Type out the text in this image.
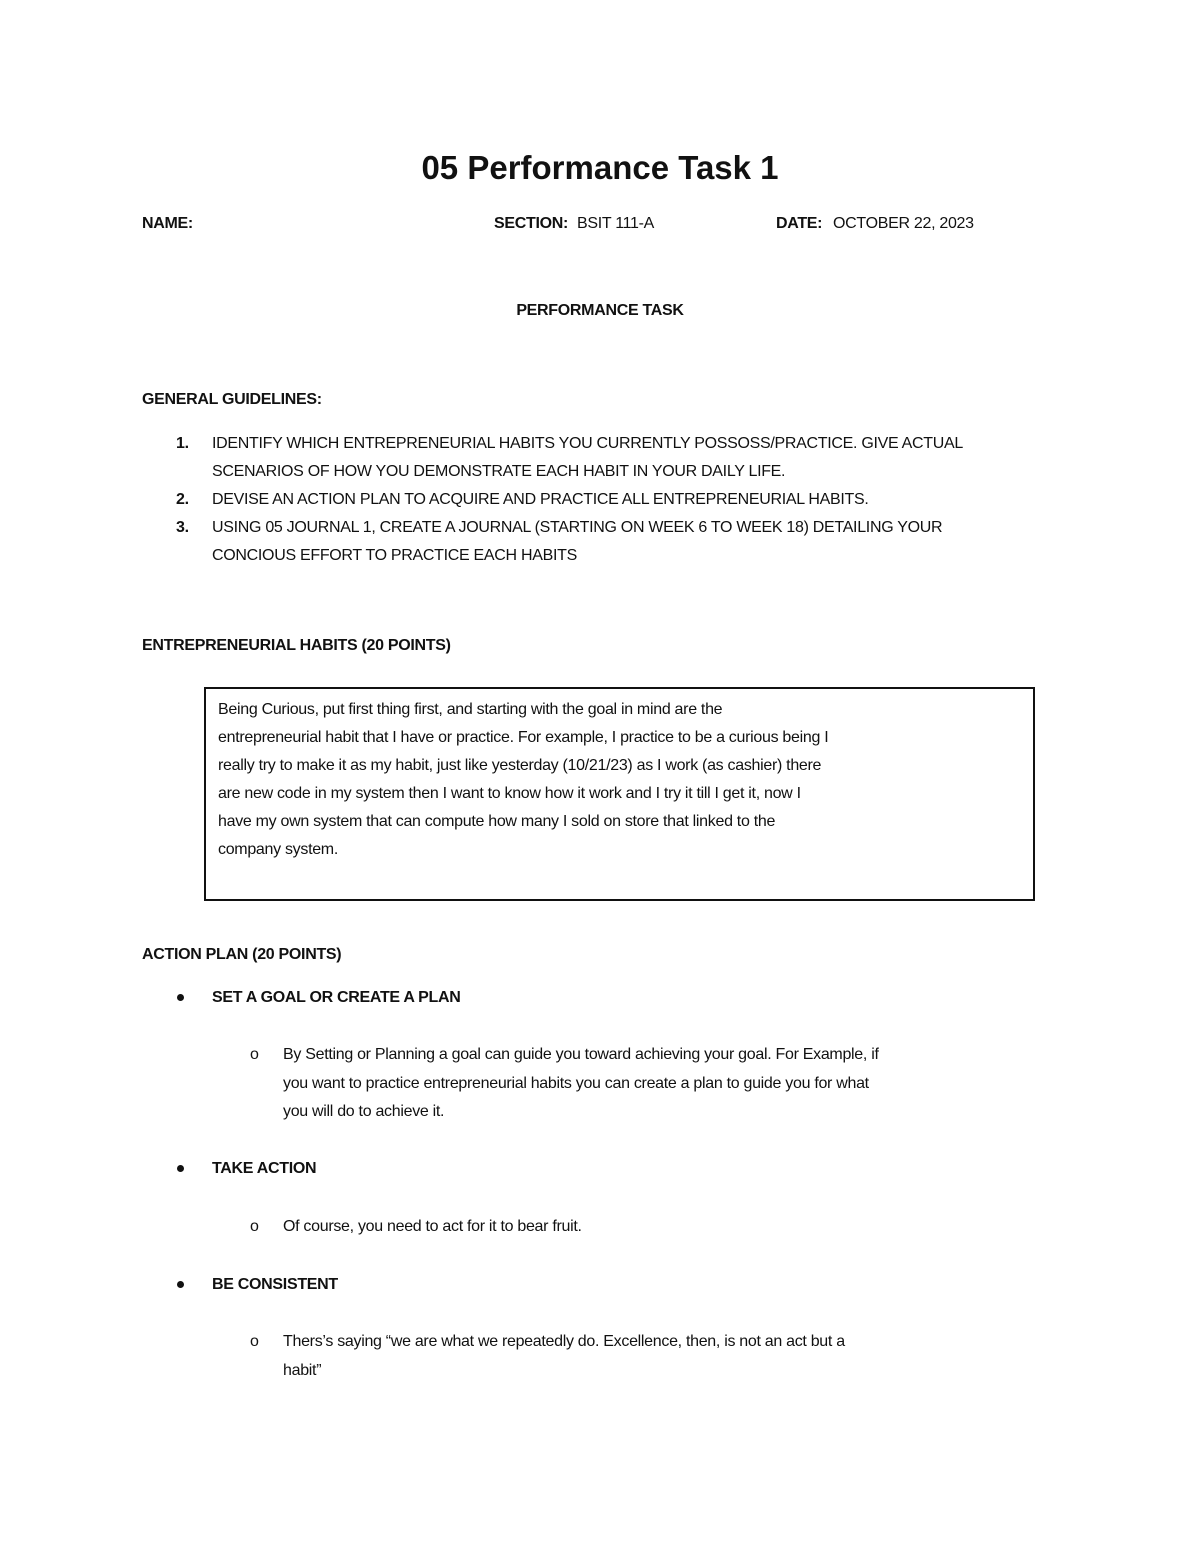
05 Performance Task 1
NAME:	SECTION: BSIT 111-A	DATE: OCTOBER 22, 2023
PERFORMANCE TASK
GENERAL GUIDELINES:
1. IDENTIFY WHICH ENTREPRENEURIAL HABITS YOU CURRENTLY POSSOSS/PRACTICE. GIVE ACTUAL
SCENARIOS OF HOW YOU DEMONSTRATE EACH HABIT IN YOUR DAILY LIFE.
2. DEVISE AN ACTION PLAN TO ACQUIRE AND PRACTICE ALL ENTREPRENEURIAL HABITS.
3. USING 05 JOURNAL 1, CREATE A JOURNAL (STARTING ON WEEK 6 TO WEEK 18) DETAILING YOUR
CONCIOUS EFFORT TO PRACTICE EACH HABITS
ENTREPRENEURIAL HABITS (20 POINTS)
Being Curious, put first thing first, and starting with the goal in mind are the
entrepreneurial habit that I have or practice. For example, I practice to be a curious being I
really try to make it as my habit, just like yesterday (10/21/23) as I work (as cashier) there
are new code in my system then I want to know how it work and I try it till I get it, now I
have my own system that can compute how many I sold on store that linked to the
company system.
ACTION PLAN (20 POINTS)
SET A GOAL OR CREATE A PLAN
o By Setting or Planning a goal can guide you toward achieving your goal. For Example, if
you want to practice entrepreneurial habits you can create a plan to guide you for what
you will do to achieve it.
TAKE ACTION
o Of course, you need to act for it to bear fruit.
BE CONSISTENT
o Thers’s saying “we are what we repeatedly do. Excellence, then, is not an act but a
habit”
